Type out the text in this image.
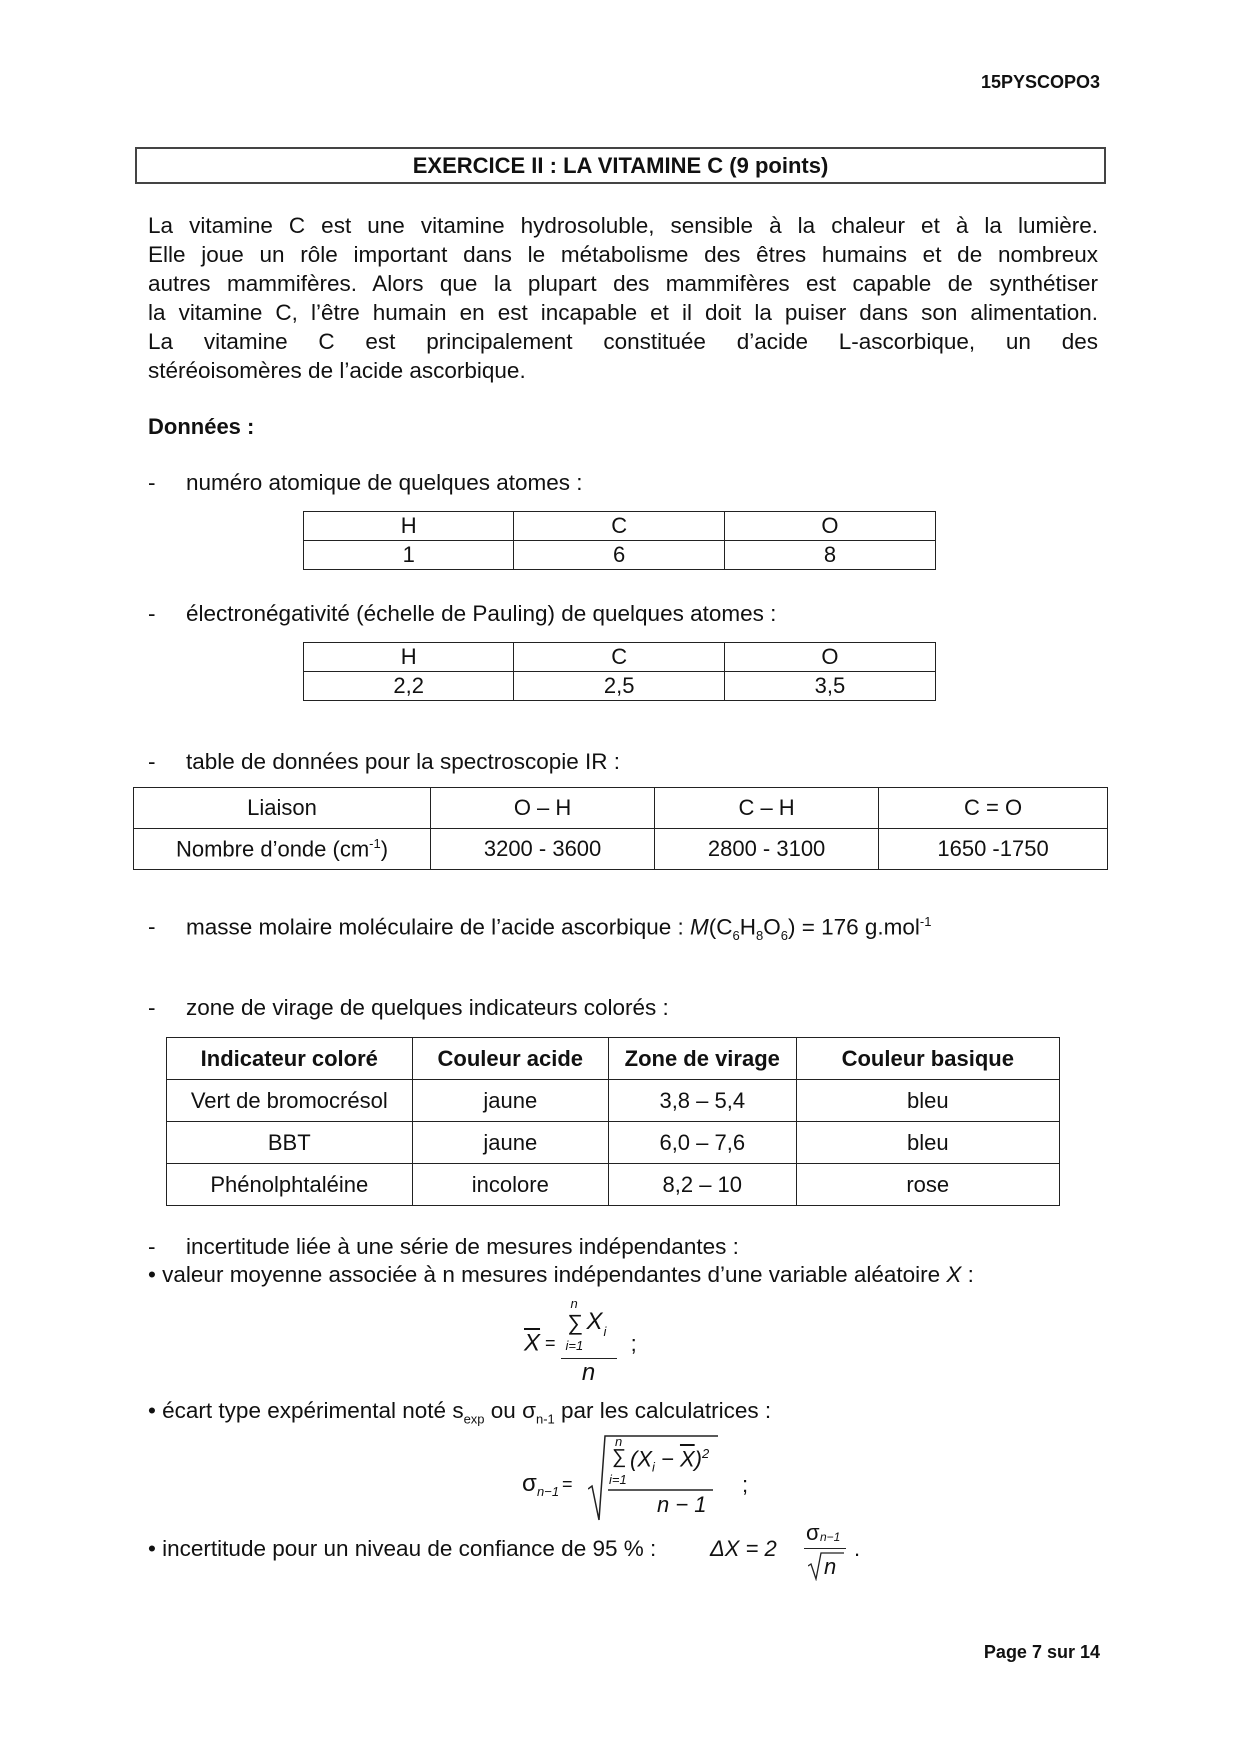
15PYSCOPO3
EXERCICE II : LA VITAMINE C (9 points)

La vitamine C est une vitamine hydrosoluble, sensible à la chaleur et à la lumière.

Elle joue un rôle important dans le métabolisme des êtres humains et de nombreux

autres mammifères. Alors que la plupart des mammifères est capable de synthétiser

la vitamine C, l’être humain en est incapable et il doit la puiser dans son alimentation.

La vitamine C est principalement constituée d’acide L-ascorbique, un des

stéréoisomères de l’acide ascorbique.

Données :
- numéro atomique de quelques atomes :
H	C	O
1	6	8
- électronégativité (échelle de Pauling) de quelques atomes :
H	C	O
2,2	2,5	3,5
- table de données pour la spectroscopie IR :
Liaison	O – H	C – H	C = O
Nombre d’onde $(cm^{-1})$	3200 - 3600	2800 - 3100	1650 -1750
- masse molaire moléculaire de l’acide ascorbique : $M(C_6H_8O_6) = 176$ g.mol$^{-1}$
- zone de virage de quelques indicateurs colorés :
Indicateur coloré	Couleur acide	Zone de virage	Couleur basique
Vert de bromocrésol	jaune	3,8 – 5,4	bleu
BBT	jaune	6,0 – 7,6	bleu
Phénolphtaléine	incolore	8,2 – 10	rose
- incertitude liée à une série de mesures indépendantes :
• valeur moyenne associée à n mesures indépendantes d’une variable aléatoire X :
$\overline{X} = n$
∑ X i
i=1
n ;
• écart type expérimental noté $s_{exp}$ ou $\sigma_{n-1}$ par les calculatrices :
σ n−1 =
n
∑
i=1
$(X_i - \overline{X})^2$
n − 1
;
• incertitude pour un niveau de confiance de 95 % : ΔX = 2
σ n−1
n
.
Page 7 sur 14
